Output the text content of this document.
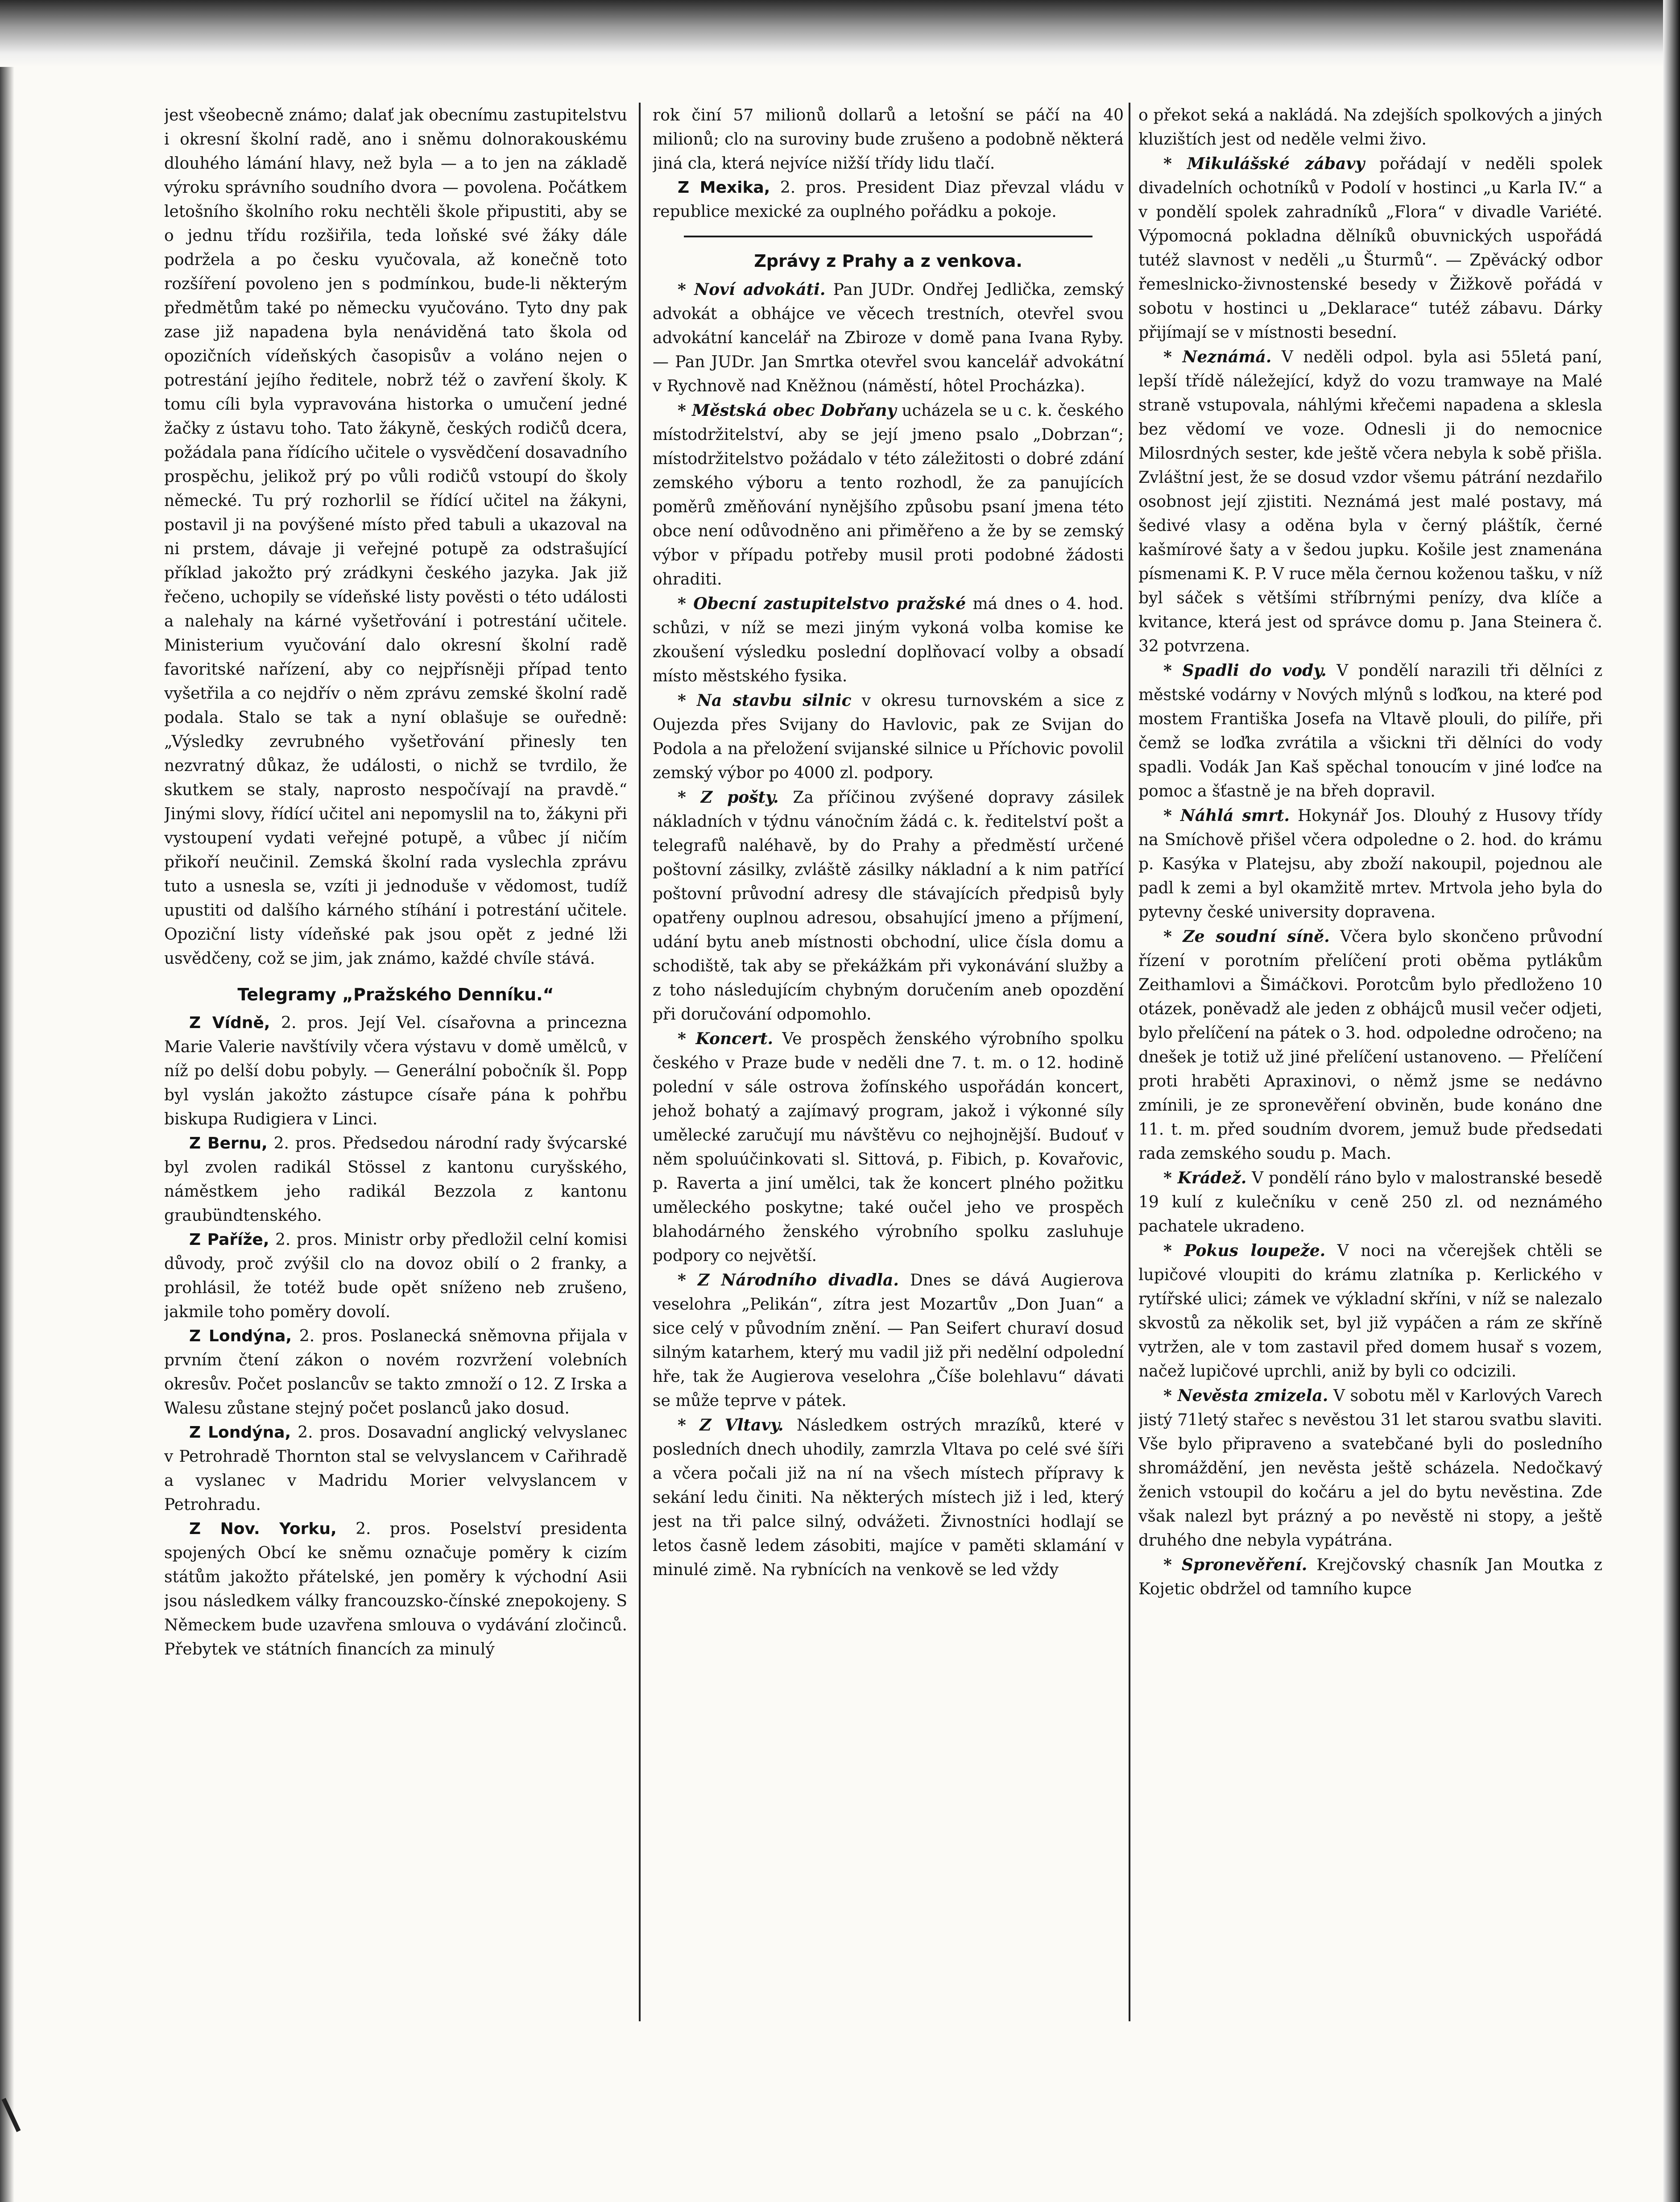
jest všeobecně známo; dalať jak obecnímu zastupitelstvu i okresní školní radě, ano i sněmu dolnorakouskému dlouhého lámání hlavy, než byla — a to jen na základě výroku správního soudního dvora — povolena. Počátkem letošního školního roku nechtěli škole připustiti, aby se o jednu třídu rozšiřila, teda loňské své žáky dále podržela a po česku vyučovala, až konečně toto rozšíření povoleno jen s podmínkou, bude-li některým předmětům také po německu vyučováno. Tyto dny pak zase již napadena byla nenáviděná tato škola od opozičních vídeňských časopisův a voláno nejen o potrestání jejího ředitele, nobrž též o zavření školy. K tomu cíli byla vypravována historka o umučení jedné žačky z ústavu toho. Tato žákyně, českých rodičů dcera, požádala pana řídícího učitele o vysvědčení dosavadního prospěchu, jelikož prý po vůli rodičů vstoupí do školy německé. Tu prý rozhorlil se řídící učitel na žákyni, postavil ji na povýšené místo před tabuli a ukazoval na ni prstem, dávaje ji veřejné potupě za odstrašující příklad jakožto prý zrádkyni českého jazyka. Jak již řečeno, uchopily se vídeňské listy pověsti o této události a nalehaly na kárné vyšetřování i potrestání učitele. Ministerium vyučování dalo okresní školní radě favoritské nařízení, aby co nejpřísněji případ tento vyšetřila a co nejdřív o něm zprávu zemské školní radě podala. Stalo se tak a nyní oblašuje se ouředně: „Výsledky zevrubného vyšetřování přinesly ten nezvratný důkaz, že události, o nichž se tvrdilo, že skutkem se staly, naprosto nespočívají na pravdě.“ Jinými slovy, řídící učitel ani nepomyslil na to, žákyni při vystoupení vydati veřejné potupě, a vůbec jí ničím přikoří neučinil. Zemská školní rada vyslechla zprávu tuto a usnesla se, vzíti ji jednoduše v vědomost, tudíž upustiti od dalšího kárného stíhání i potrestání učitele. Opoziční listy vídeňské pak jsou opět z jedné lži usvědčeny, což se jim, jak známo, každé chvíle stává.

Telegramy „Pražského Denníku.“

Z Vídně, 2. pros. Její Vel. císařovna a princezna Marie Valerie navštívily včera výstavu v domě umělců, v níž po delší dobu pobyly. — Generální pobočník šl. Popp byl vyslán jakožto zástupce císaře pána k pohřbu biskupa Rudigiera v Linci.

Z Bernu, 2. pros. Předsedou národní rady švýcarské byl zvolen radikál Stössel z kantonu curyšského, náměstkem jeho radikál Bezzola z kantonu graubündtenského.

Z Paříže, 2. pros. Ministr orby předložil celní komisi důvody, proč zvýšil clo na dovoz obilí o 2 franky, a prohlásil, že totéž bude opět sníženo neb zrušeno, jakmile toho poměry dovolí.

Z Londýna, 2. pros. Poslanecká sněmovna přijala v prvním čtení zákon o novém rozvržení volebních okresův. Počet poslancův se takto zmnoží o 12. Z Irska a Walesu zůstane stejný počet poslanců jako dosud.

Z Londýna, 2. pros. Dosavadní anglický velvyslanec v Petrohradě Thornton stal se velvyslancem v Cařihradě a vyslanec v Madridu Morier velvyslancem v Petrohradu.

Z Nov. Yorku, 2. pros. Poselství presidenta spojených Obcí ke sněmu označuje poměry k cizím státům jakožto přátelské, jen poměry k východní Asii jsou následkem války francouzsko-čínské znepokojeny. S Německem bude uzavřena smlouva o vydávání zločinců. Přebytek ve státních financích za minulý

rok činí 57 milionů dollarů a letošní se páčí na 40 milionů; clo na suroviny bude zrušeno a podobně některá jiná cla, která nejvíce nižší třídy lidu tlačí.

Z Mexika, 2. pros. President Diaz převzal vládu v republice mexické za ouplného pořádku a pokoje.

Zprávy z Prahy a z venkova.

* Noví advokáti. Pan JUDr. Ondřej Jedlička, zemský advokát a obhájce ve věcech trestních, otevřel svou advokátní kancelář na Zbiroze v domě pana Ivana Ryby. — Pan JUDr. Jan Smrtka otevřel svou kancelář advokátní v Rychnově nad Kněžnou (náměstí, hôtel Procházka).

* Městská obec Dobřany ucházela se u c. k. českého místodržitelství, aby se její jmeno psalo „Dobrzan“; místodržitelstvo požádalo v této záležitosti o dobré zdání zemského výboru a tento rozhodl, že za panujících poměrů změňování nynějšího způsobu psaní jmena této obce není odůvodněno ani přiměřeno a že by se zemský výbor v případu potřeby musil proti podobné žádosti ohraditi.

* Obecní zastupitelstvo pražské má dnes o 4. hod. schůzi, v níž se mezi jiným vykoná volba komise ke zkoušení výsledku poslední doplňovací volby a obsadí místo městského fysika.

* Na stavbu silnic v okresu turnovském a sice z Oujezda přes Svijany do Havlovic, pak ze Svijan do Podola a na přeložení svijanské silnice u Příchovic povolil zemský výbor po 4000 zl. podpory.

* Z pošty. Za příčinou zvýšené dopravy zásilek nákladních v týdnu vánočním žádá c. k. ředitelství pošt a telegrafů naléhavě, by do Prahy a předměstí určené poštovní zásilky, zvláště zásilky nákladní a k nim patřící poštovní průvodní adresy dle stávajících předpisů byly opatřeny ouplnou adresou, obsahující jmeno a příjmení, udání bytu aneb místnosti obchodní, ulice čísla domu a schodiště, tak aby se překážkám při vykonávání služby a z toho následujícím chybným doručením aneb opozdění při doručování odpomohlo.

* Koncert. Ve prospěch ženského výrobního spolku českého v Praze bude v neděli dne 7. t. m. o 12. hodině polední v sále ostrova žofínského uspořádán koncert, jehož bohatý a zajímavý program, jakož i výkonné síly umělecké zaručují mu návštěvu co nejhojnější. Budouť v něm spoluúčinkovati sl. Sittová, p. Fibich, p. Kovařovic, p. Raverta a jiní umělci, tak že koncert plného požitku uměleckého poskytne; také oučel jeho ve prospěch blahodárného ženského výrobního spolku zasluhuje podpory co největší.

* Z Národního divadla. Dnes se dává Augierova veselohra „Pelikán“, zítra jest Mozartův „Don Juan“ a sice celý v původním znění. — Pan Seifert churaví dosud silným katarhem, který mu vadil již při nedělní odpolední hře, tak že Augierova veselohra „Číše bolehlavu“ dávati se může teprve v pátek.

* Z Vltavy. Následkem ostrých mrazíků, které v posledních dnech uhodily, zamrzla Vltava po celé své šíři a včera počali již na ní na všech místech přípravy k sekání ledu činiti. Na některých místech již i led, který jest na tři palce silný, odvážeti. Živnostníci hodlají se letos časně ledem zásobiti, majíce v paměti sklamání v minulé zimě. Na rybnících na venkově se led vždy

o překot seká a nakládá. Na zdejších spolkových a jiných kluzištích jest od neděle velmi živo.

* Mikulášské zábavy pořádají v neděli spolek divadelních ochotníků v Podolí v hostinci „u Karla IV.“ a v pondělí spolek zahradníků „Flora“ v divadle Variété. Výpomocná pokladna dělníků obuvnických uspořádá tutéž slavnost v neděli „u Šturmů“. — Zpěvácký odbor řemeslnicko-živnostenské besedy v Žižkově pořádá v sobotu v hostinci u „Deklarace“ tutéž zábavu. Dárky přijímají se v místnosti besední.

* Neznámá. V neděli odpol. byla asi 55letá paní, lepší třídě náležející, když do vozu tramwaye na Malé straně vstupovala, náhlými křečemi napadena a sklesla bez vědomí ve voze. Odnesli ji do nemocnice Milosrdných sester, kde ještě včera nebyla k sobě přišla. Zvláštní jest, že se dosud vzdor všemu pátrání nezdařilo osobnost její zjistiti. Neznámá jest malé postavy, má šedivé vlasy a oděna byla v černý pláštík, černé kašmírové šaty a v šedou jupku. Košile jest znamenána písmenami K. P. V ruce měla černou koženou tašku, v níž byl sáček s většími stříbrnými penízy, dva klíče a kvitance, která jest od správce domu p. Jana Steinera č. 32 potvrzena.

* Spadli do vody. V pondělí narazili tři dělníci z městské vodárny v Nových mlýnů s loďkou, na které pod mostem Františka Josefa na Vltavě plouli, do pilíře, při čemž se loďka zvrátila a všickni tři dělníci do vody spadli. Vodák Jan Kaš spěchal tonoucím v jiné loďce na pomoc a šťastně je na břeh dopravil.

* Náhlá smrt. Hokynář Jos. Dlouhý z Husovy třídy na Smíchově přišel včera odpoledne o 2. hod. do krámu p. Kasýka v Platejsu, aby zboží nakoupil, pojednou ale padl k zemi a byl okamžitě mrtev. Mrtvola jeho byla do pytevny české university dopravena.

* Ze soudní síně. Včera bylo skončeno průvodní řízení v porotním přelíčení proti oběma pytlákům Zeithamlovi a Šimáčkovi. Porotcům bylo předloženo 10 otázek, poněvadž ale jeden z obhájců musil večer odjeti, bylo přelíčení na pátek o 3. hod. odpoledne odročeno; na dnešek je totiž už jiné přelíčení ustanoveno. — Přelíčení proti hraběti Apraxinovi, o němž jsme se nedávno zmínili, je ze spronevěření obviněn, bude konáno dne 11. t. m. před soudním dvorem, jemuž bude předsedati rada zemského soudu p. Mach.

* Krádež. V pondělí ráno bylo v malostranské besedě 19 kulí z kulečníku v ceně 250 zl. od neznámého pachatele ukradeno.

* Pokus loupeže. V noci na včerejšek chtěli se lupičové vloupiti do krámu zlatníka p. Kerlického v rytířské ulici; zámek ve výkladní skříni, v níž se nalezalo skvostů za několik set, byl již vypáčen a rám ze skříně vytržen, ale v tom zastavil před domem husař s vozem, načež lupičové uprchli, aniž by byli co odcizili.

* Nevěsta zmizela. V sobotu měl v Karlových Varech jistý 71letý stařec s nevěstou 31 let starou svatbu slaviti. Vše bylo připraveno a svatebčané byli do posledního shromáždění, jen nevěsta ještě scházela. Nedočkavý ženich vstoupil do kočáru a jel do bytu nevěstina. Zde však nalezl byt prázný a po nevěstě ni stopy, a ještě druhého dne nebyla vypátrána.

* Spronevěření. Krejčovský chasník Jan Moutka z Kojetic obdržel od tamního kupce
